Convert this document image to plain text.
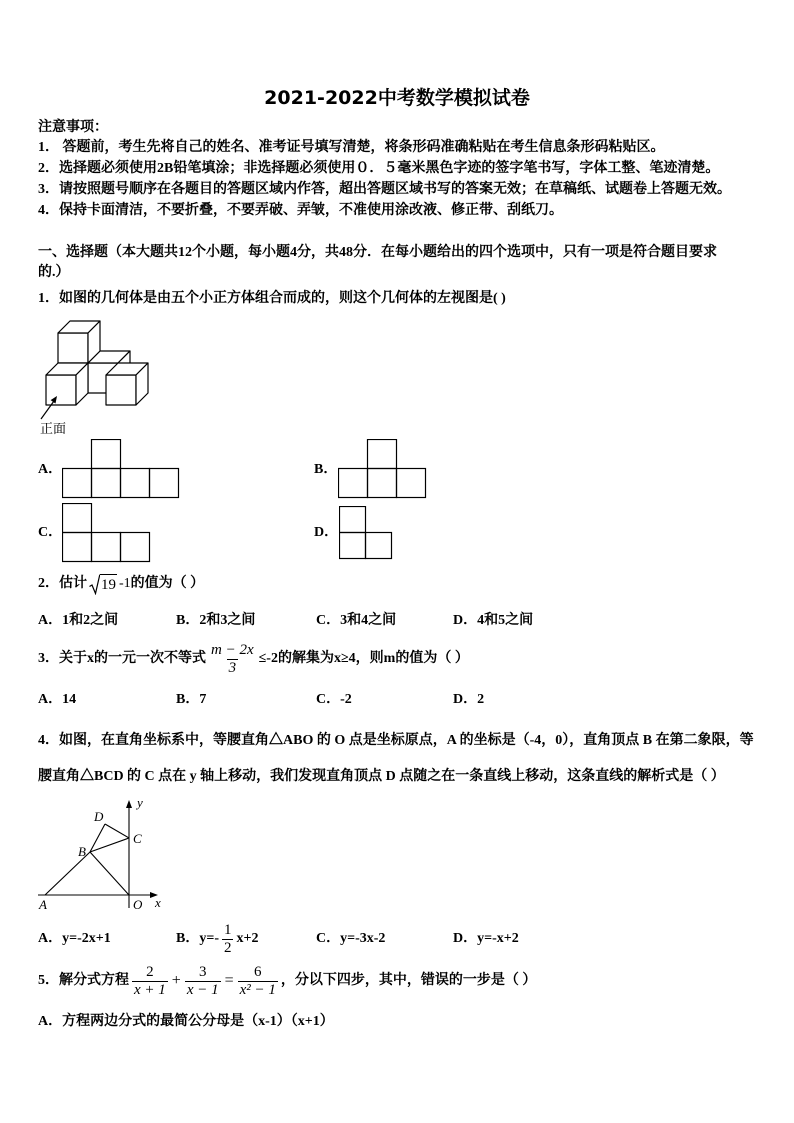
2021-2022中考数学模拟试卷
注意事项：
1． 答题前，考生先将自己的姓名、准考证号填写清楚，将条形码准确粘贴在考生信息条形码粘贴区。
2．选择题必须使用2B铅笔填涂；非选择题必须使用０．５毫米黑色字迹的签字笔书写，字体工整、笔迹清楚。
3．请按照题号顺序在各题目的答题区域内作答，超出答题区域书写的答案无效；在草稿纸、试题卷上答题无效。
4．保持卡面清洁，不要折叠，不要弄破、弄皱，不准使用涂改液、修正带、刮纸刀。
一、选择题（本大题共12个小题，每小题4分，共48分．在每小题给出的四个选项中，只有一项是符合题目要求
的.）
1．如图的几何体是由五个小正方体组合而成的，则这个几何体的左视图是( )
正面
A．	B．
C．	D．
2．估计 19 -1 的值为（ ）
A．1和2之间	B．2和3之间	C．3和4之间	D．4和5之间
3．关于x的一元一次不等式 $\frac{m - 2x}{3} \le-2$的解集为x≥4，则m的值为（ ）
A．14	B．7	C．-2	D．2
4．如图，在直角坐标系中，等腰直角△ABO 的 O 点是坐标原点，A 的坐标是（-4，0），直角顶点 B 在第二象限，等
腰直角△BCD 的 C 点在 y 轴上移动，我们发现直角顶点 D 点随之在一条直线上移动，这条直线的解析式是（ ）
A	O x
y
B
C
D
A．y=-2x+1	B．$y=- \frac{1}{2} x+2$	C．y=-3x-2	D．y=-x+2
5．解分式方程 $\frac{2}{x + 1} + \frac{3}{x - 1} = \frac{6}{\text{x² − 1}}$ ，分以下四步，其中，错误的一步是（ ）
A．方程两边分式的最简公分母是（x-1）（x+1）
